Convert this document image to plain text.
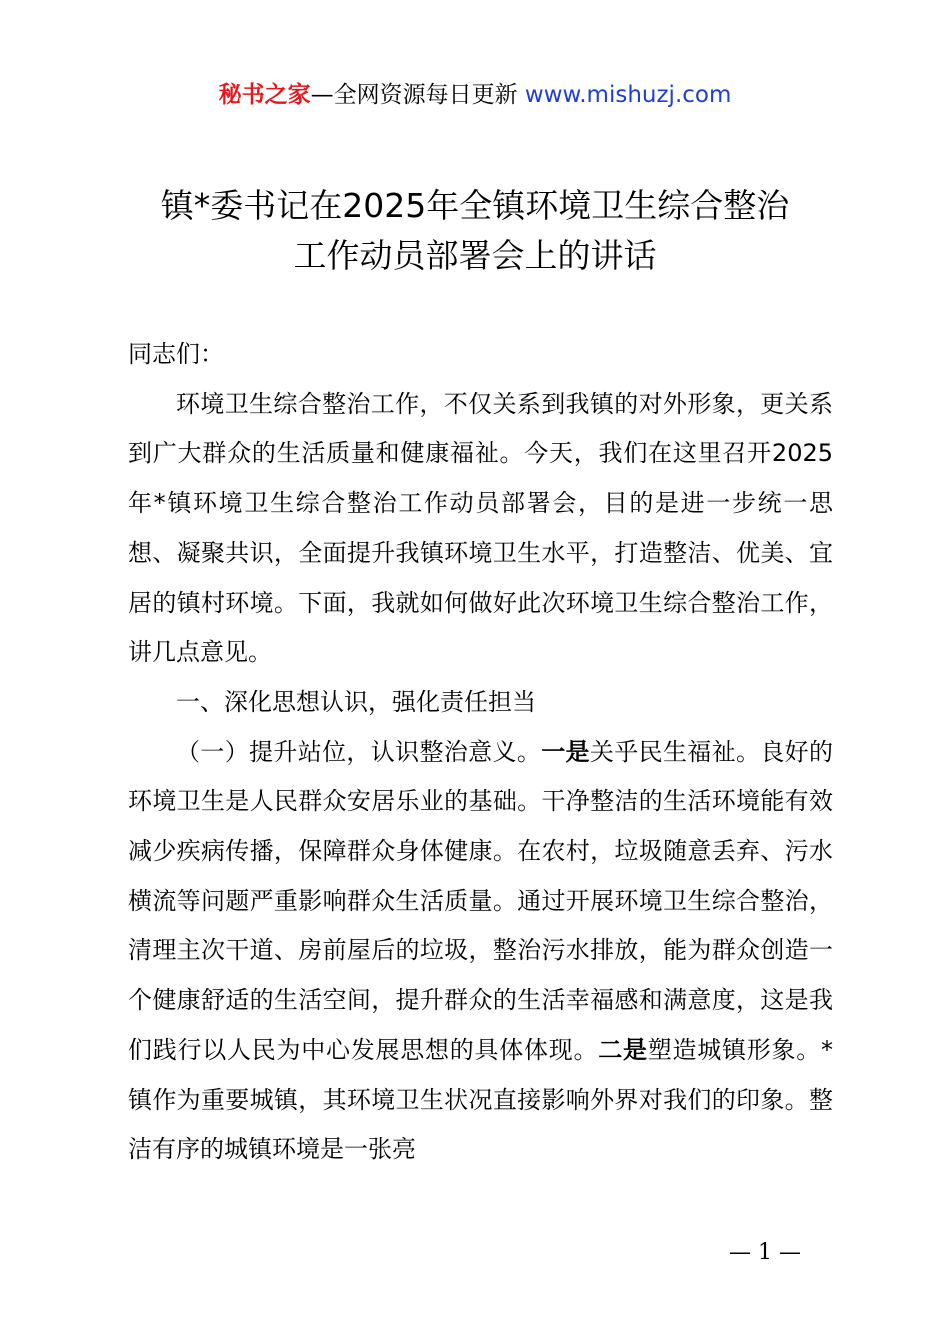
秘书之家—全网资源每日更新 www.mishuzj.com
镇*委书记在2025年全镇环境卫生综合整治
工作动员部署会上的讲话

同志们：

环境卫生综合整治工作，不仅关系到我镇的对外形象，更关系到广大群众的生活质量和健康福祉。今天，我们在这里召开2025年*镇环境卫生综合整治工作动员部署会，目的是进一步统一思想、凝聚共识，全面提升我镇环境卫生水平，打造整洁、优美、宜居的镇村环境。下面，我就如何做好此次环境卫生综合整治工作，讲几点意见。

一、深化思想认识，强化责任担当

（一）提升站位，认识整治意义。一是关乎民生福祉。良好的环境卫生是人民群众安居乐业的基础。干净整洁的生活环境能有效减少疾病传播，保障群众身体健康。在农村，垃圾随意丢弃、污水横流等问题严重影响群众生活质量。通过开展环境卫生综合整治，清理主次干道、房前屋后的垃圾，整治污水排放，能为群众创造一个健康舒适的生活空间，提升群众的生活幸福感和满意度，这是我们践行以人民为中心发展思想的具体体现。二是塑造城镇形象。*镇作为重要城镇，其环境卫生状况直接影响外界对我们的印象。整洁有序的城镇环境是一张亮

— 1 —
